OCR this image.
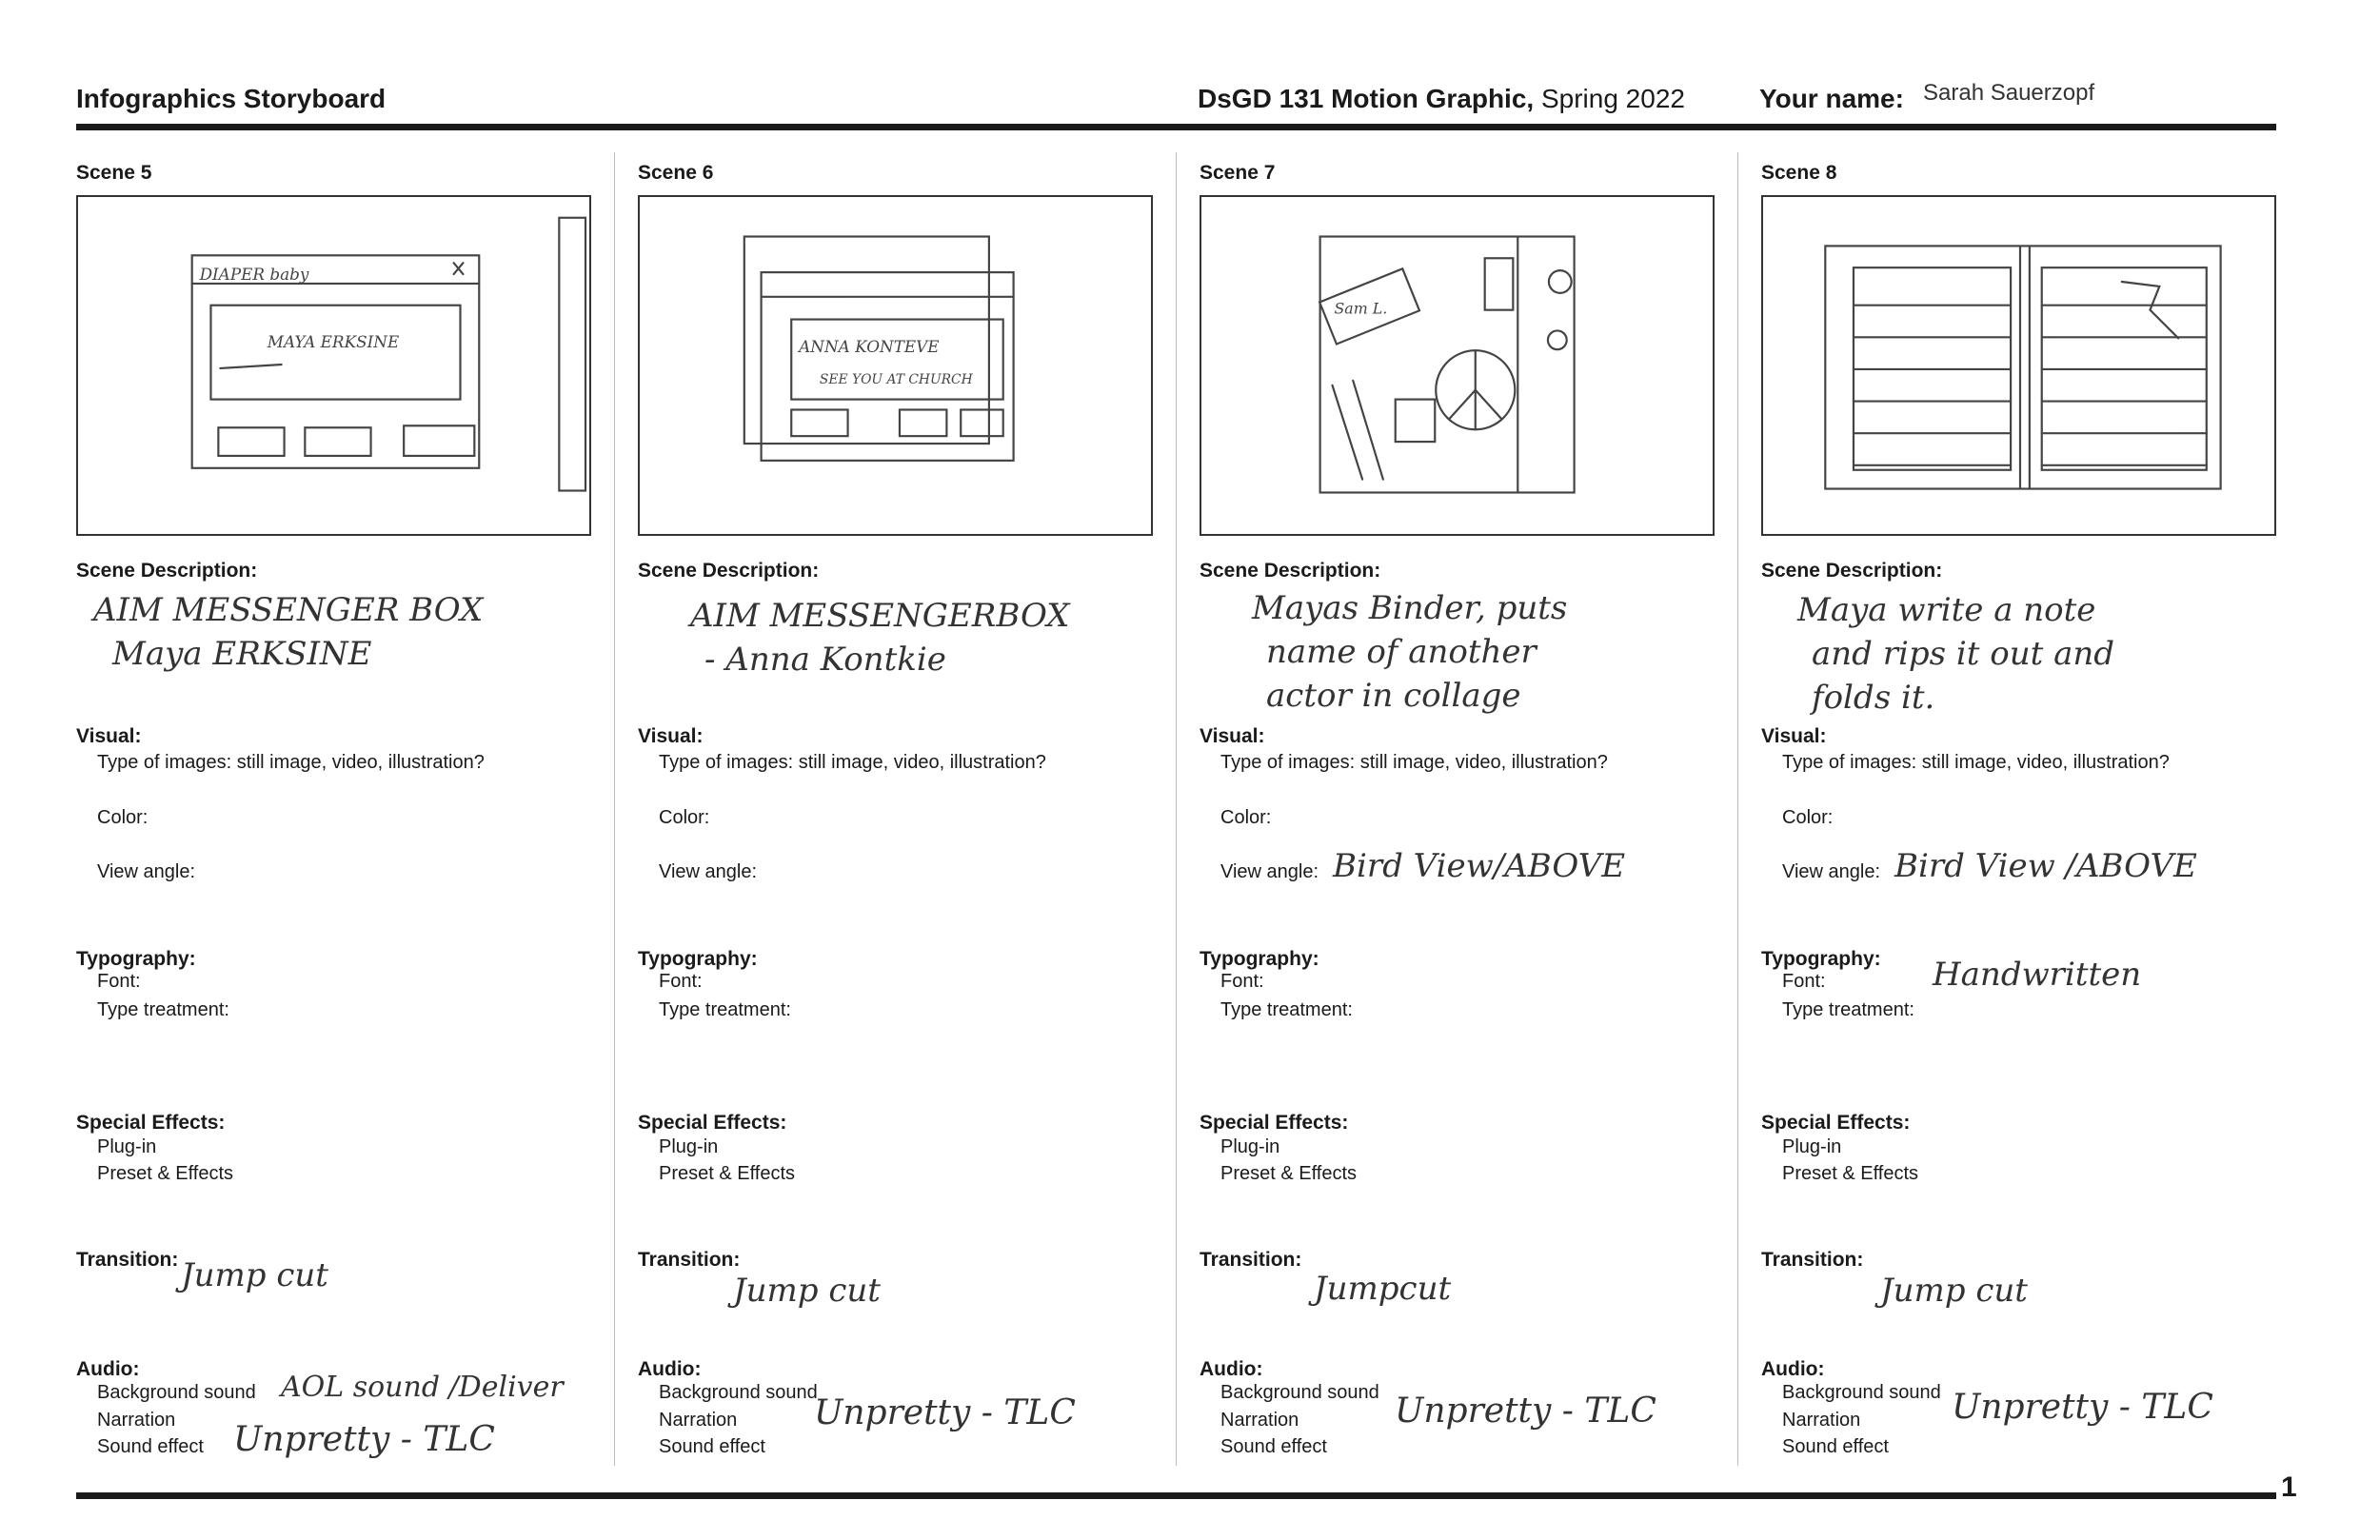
Infographics Storyboard	DsGD 131 Motion Graphic, Spring 2022	Your name: Sarah Sauerzopf
1
Scene 5
DIAPER baby
MAYA ERKSINE
Scene Description:
AIM MESSENGER BOX
Maya ERKSINE
Visual:
Type of images: still image, video, illustration?
Color:
View angle:
Typography:
Font:
Type treatment:
Special Effects:
Plug-in
Preset & Effects
Transition: Jump cut
Audio:
Background sound
Narration
Sound effect
AOL sound /Deliver
Unpretty - TLC
Scene 6
ANNA KONTEVE
SEE YOU AT CHURCH
Scene Description:
AIM MESSENGERBOX
- Anna Kontkie
Visual:
Type of images: still image, video, illustration?
Color:
View angle:
Typography:
Font:
Type treatment:
Special Effects:
Plug-in
Preset & Effects
Transition:
Jump cut
Audio:
Background sound
Narration
Sound effect
Unpretty - TLC
Scene 7
Sam L.
Scene Description:
Mayas Binder, puts
name of another
actor in collage
Visual:
Type of images: still image, video, illustration?
Color:
View angle: Bird View/ABOVE
Typography:
Font:
Type treatment:
Special Effects:
Plug-in
Preset & Effects
Transition:
Jumpcut
Audio:
Background sound
Narration
Sound effect
Unpretty - TLC
Scene 8
Scene Description:
Maya write a note
and rips it out and
folds it.
Visual:
Type of images: still image, video, illustration?
Color:
View angle: Bird View /ABOVE
Typography:
Font:
Type treatment:
Handwritten
Special Effects:
Plug-in
Preset & Effects
Transition:
Jump cut
Audio:
Background sound
Narration
Sound effect
Unpretty - TLC
